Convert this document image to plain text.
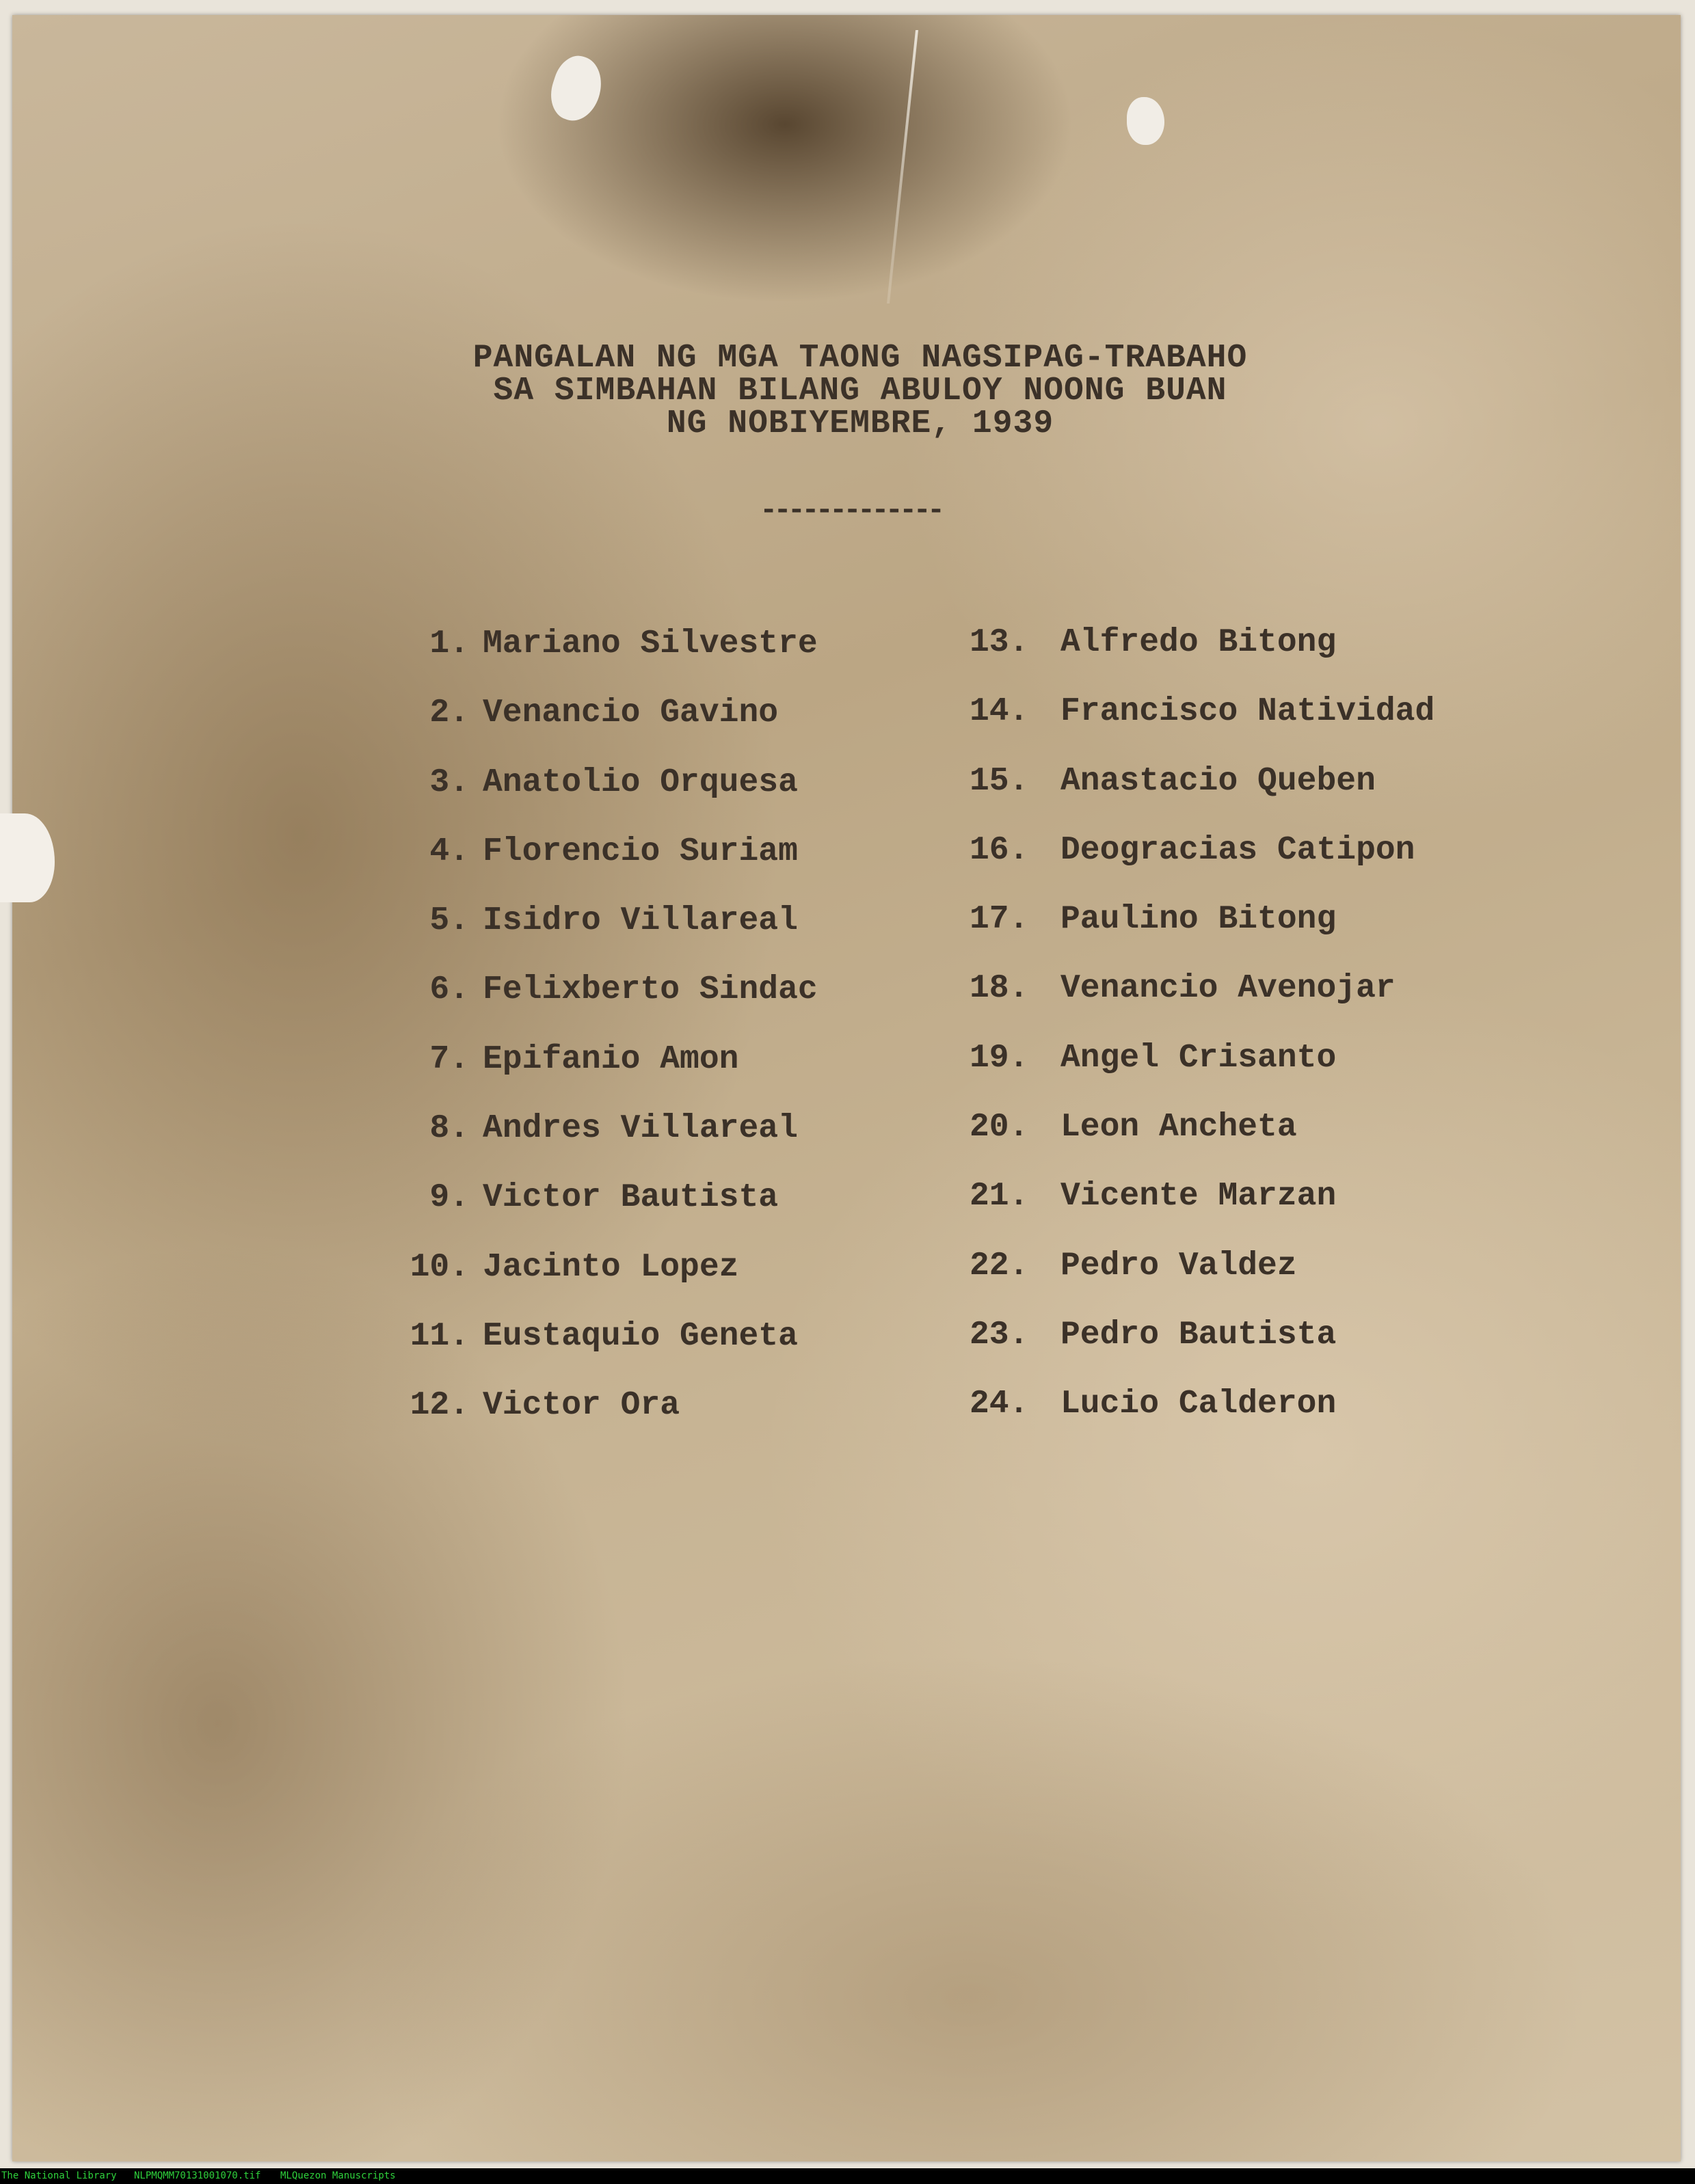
PANGALAN NG MGA TAONG NAGSIPAG-TRABAHO
SA SIMBAHAN BILANG ABULOY NOONG BUAN
NG NOBIYEMBRE, 1939
-------------
1. Mariano Silvestre
2. Venancio Gavino
3. Anatolio Orquesa
4. Florencio Suriam
5. Isidro Villareal
6. Felixberto Sindac
7. Epifanio Amon
8. Andres Villareal
9. Victor Bautista
10. Jacinto Lopez
11. Eustaquio Geneta
12. Victor Ora
13. Alfredo Bitong
14. Francisco Natividad
15. Anastacio Queben
16. Deogracias Catipon
17. Paulino Bitong
18. Venancio Avenojar
19. Angel Crisanto
20. Leon Ancheta
21. Vicente Marzan
22. Pedro Valdez
23. Pedro Bautista
24. Lucio Calderon
The National Library NLPMQMM70131001070.tif MLQuezon Manuscripts
